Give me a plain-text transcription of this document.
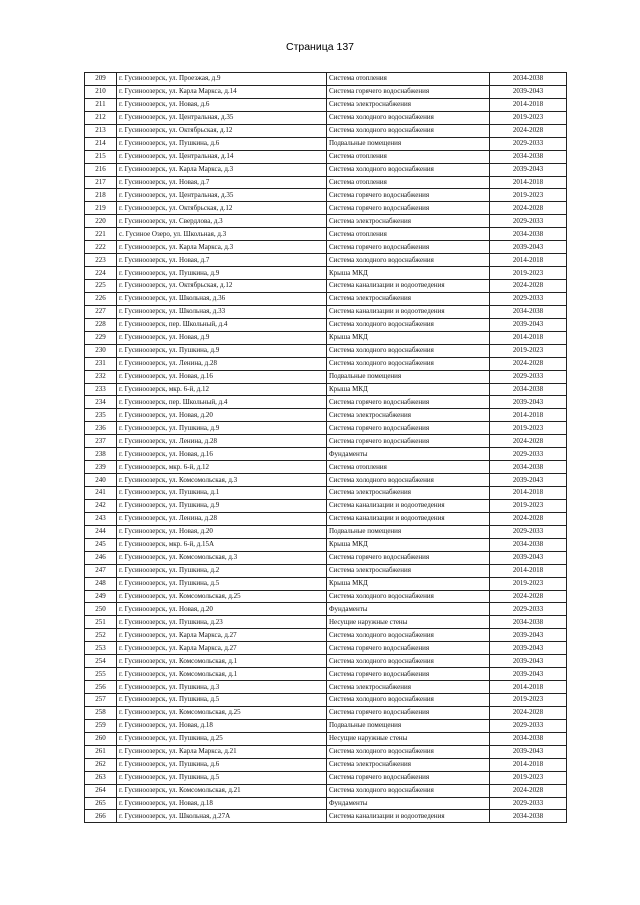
Страница 137
209	г. Гусиноозерск, ул. Проезжая, д.9	Система отопления	2034-2038
210	г. Гусиноозерск, ул. Карла Маркса, д.14	Система горячего водоснабжения	2039-2043
211	г. Гусиноозерск, ул. Новая, д.6	Система электроснабжения	2014-2018
212	г. Гусиноозерск, ул. Центральная, д.35	Система холодного водоснабжения	2019-2023
213	г. Гусиноозерск, ул. Октябрьская, д.12	Система холодного водоснабжения	2024-2028
214	г. Гусиноозерск, ул. Пушкина, д.6	Подвальные помещения	2029-2033
215	г. Гусиноозерск, ул. Центральная, д.14	Система отопления	2034-2038
216	г. Гусиноозерск, ул. Карла Маркса, д.3	Система холодного водоснабжения	2039-2043
217	г. Гусиноозерск, ул. Новая, д.7	Система отопления	2014-2018
218	г. Гусиноозерск, ул. Центральная, д.35	Система горячего водоснабжения	2019-2023
219	г. Гусиноозерск, ул. Октябрьская, д.12	Система горячего водоснабжения	2024-2028
220	г. Гусиноозерск, ул. Свердлова, д.3	Система электроснабжения	2029-2033
221	с. Гусиное Озеро, ул. Школьная, д.3	Система отопления	2034-2038
222	г. Гусиноозерск, ул. Карла Маркса, д.3	Система горячего водоснабжения	2039-2043
223	г. Гусиноозерск, ул. Новая, д.7	Система холодного водоснабжения	2014-2018
224	г. Гусиноозерск, ул. Пушкина, д.9	Крыша МКД	2019-2023
225	г. Гусиноозерск, ул. Октябрьская, д.12	Система канализации и водоотведения	2024-2028
226	г. Гусиноозерск, ул. Школьная, д.36	Система электроснабжения	2029-2033
227	г. Гусиноозерск, ул. Школьная, д.33	Система канализации и водоотведения	2034-2038
228	г. Гусиноозерск, пер. Школьный, д.4	Система холодного водоснабжения	2039-2043
229	г. Гусиноозерск, ул. Новая, д.9	Крыша МКД	2014-2018
230	г. Гусиноозерск, ул. Пушкина, д.9	Система холодного водоснабжения	2019-2023
231	г. Гусиноозерск, ул. Ленина, д.28	Система холодного водоснабжения	2024-2028
232	г. Гусиноозерск, ул. Новая, д.16	Подвальные помещения	2029-2033
233	г. Гусиноозерск, мкр. 6-й, д.12	Крыша МКД	2034-2038
234	г. Гусиноозерск, пер. Школьный, д.4	Система горячего водоснабжения	2039-2043
235	г. Гусиноозерск, ул. Новая, д.20	Система электроснабжения	2014-2018
236	г. Гусиноозерск, ул. Пушкина, д.9	Система горячего водоснабжения	2019-2023
237	г. Гусиноозерск, ул. Ленина, д.28	Система горячего водоснабжения	2024-2028
238	г. Гусиноозерск, ул. Новая, д.16	Фундаменты	2029-2033
239	г. Гусиноозерск, мкр. 6-й, д.12	Система отопления	2034-2038
240	г. Гусиноозерск, ул. Комсомольская, д.3	Система холодного водоснабжения	2039-2043
241	г. Гусиноозерск, ул. Пушкина, д.1	Система электроснабжения	2014-2018
242	г. Гусиноозерск, ул. Пушкина, д.9	Система канализации и водоотведения	2019-2023
243	г. Гусиноозерск, ул. Ленина, д.28	Система канализации и водоотведения	2024-2028
244	г. Гусиноозерск, ул. Новая, д.20	Подвальные помещения	2029-2033
245	г. Гусиноозерск, мкр. 6-й, д.15А	Крыша МКД	2034-2038
246	г. Гусиноозерск, ул. Комсомольская, д.3	Система горячего водоснабжения	2039-2043
247	г. Гусиноозерск, ул. Пушкина, д.2	Система электроснабжения	2014-2018
248	г. Гусиноозерск, ул. Пушкина, д.5	Крыша МКД	2019-2023
249	г. Гусиноозерск, ул. Комсомольская, д.25	Система холодного водоснабжения	2024-2028
250	г. Гусиноозерск, ул. Новая, д.20	Фундаменты	2029-2033
251	г. Гусиноозерск, ул. Пушкина, д.23	Несущие наружные стены	2034-2038
252	г. Гусиноозерск, ул. Карла Маркса, д.27	Система холодного водоснабжения	2039-2043
253	г. Гусиноозерск, ул. Карла Маркса, д.27	Система горячего водоснабжения	2039-2043
254	г. Гусиноозерск, ул. Комсомольская, д.1	Система холодного водоснабжения	2039-2043
255	г. Гусиноозерск, ул. Комсомольская, д.1	Система горячего водоснабжения	2039-2043
256	г. Гусиноозерск, ул. Пушкина, д.3	Система электроснабжения	2014-2018
257	г. Гусиноозерск, ул. Пушкина, д.5	Система холодного водоснабжения	2019-2023
258	г. Гусиноозерск, ул. Комсомольская, д.25	Система горячего водоснабжения	2024-2028
259	г. Гусиноозерск, ул. Новая, д.18	Подвальные помещения	2029-2033
260	г. Гусиноозерск, ул. Пушкина, д.25	Несущие наружные стены	2034-2038
261	г. Гусиноозерск, ул. Карла Маркса, д.21	Система холодного водоснабжения	2039-2043
262	г. Гусиноозерск, ул. Пушкина, д.6	Система электроснабжения	2014-2018
263	г. Гусиноозерск, ул. Пушкина, д.5	Система горячего водоснабжения	2019-2023
264	г. Гусиноозерск, ул. Комсомольская, д.21	Система холодного водоснабжения	2024-2028
265	г. Гусиноозерск, ул. Новая, д.18	Фундаменты	2029-2033
266	г. Гусиноозерск, ул. Школьная, д.27А	Система канализации и водоотведения	2034-2038
